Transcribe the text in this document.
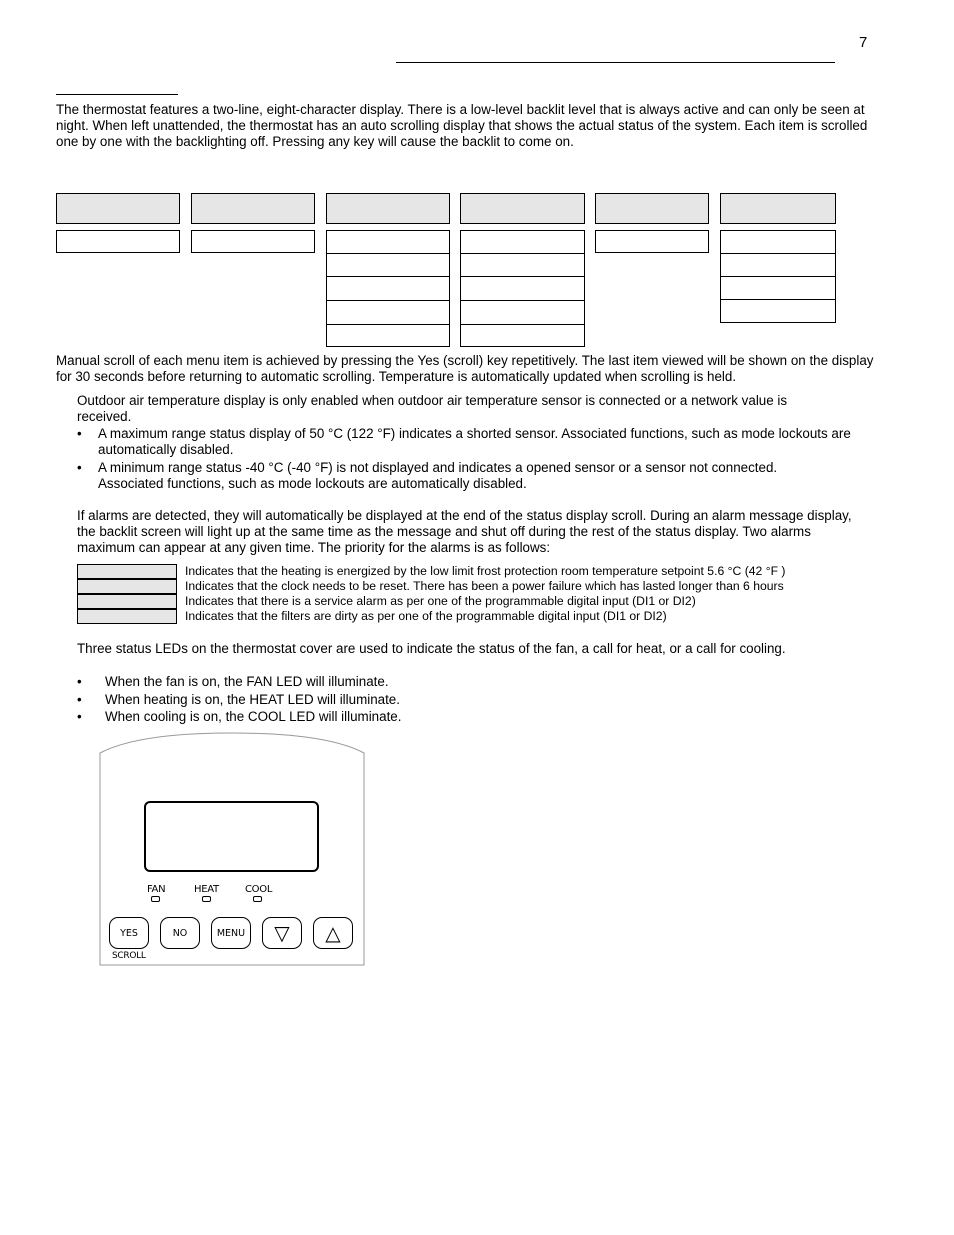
7
The thermostat features a two-line, eight-character display. There is a low-level backlit level that is always active and can only be seen at night. When left unattended, the thermostat has an auto scrolling display that shows the actual status of the system. Each item is scrolled one by one with the backlighting off. Pressing any key will cause the backlit to come on.
Manual scroll of each menu item is achieved by pressing the Yes (scroll) key repetitively. The last item viewed will be shown on the display for 30 seconds before returning to automatic scrolling. Temperature is automatically updated when scrolling is held.
Outdoor air temperature display is only enabled when outdoor air temperature sensor is connected or a network value is received.
• A maximum range status display of 50 °C (122 °F) indicates a shorted sensor. Associated functions, such as mode lockouts are automatically disabled.
• A minimum range status -40 °C (-40 °F) is not displayed and indicates a opened sensor or a sensor not connected. Associated functions, such as mode lockouts are automatically disabled.
If alarms are detected, they will automatically be displayed at the end of the status display scroll. During an alarm message display, the backlit screen will light up at the same time as the message and shut off during the rest of the status display. Two alarms maximum can appear at any given time. The priority for the alarms is as follows:
Indicates that the heating is energized by the low limit frost protection room temperature setpoint 5.6 °C (42 °F )
Indicates that the clock needs to be reset. There has been a power failure which has lasted longer than 6 hours
Indicates that there is a service alarm as per one of the programmable digital input (DI1 or DI2)
Indicates that the filters are dirty as per one of the programmable digital input (DI1 or DI2)
Three status LEDs on the thermostat cover are used to indicate the status of the fan, a call for heat, or a call for cooling.
• When the fan is on, the FAN LED will illuminate.
• When heating is on, the HEAT LED will illuminate.
• When cooling is on, the COOL LED will illuminate.
FAN	HEAT	COOL
YES	NO	MENU ▽ △
SCROLL
